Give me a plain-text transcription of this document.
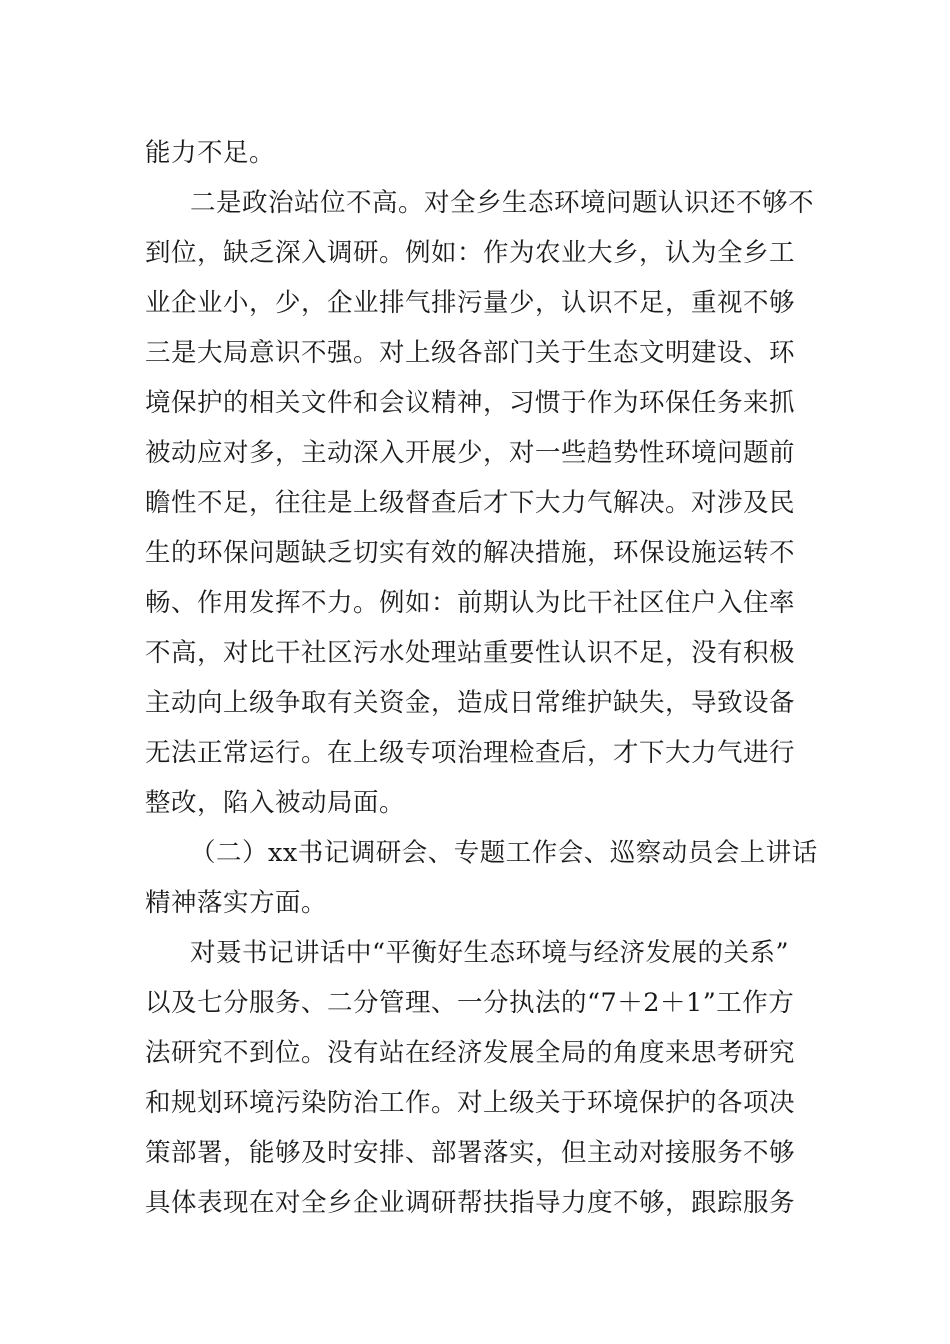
能力不足。
二是政治站位不高。对全乡生态环境问题认识还不够不
到位，缺乏深入调研。例如：作为农业大乡，认为全乡工
业企业小，少，企业排气排污量少，认识不足，重视不够
三是大局意识不强。对上级各部门关于生态文明建设、环
境保护的相关文件和会议精神，习惯于作为环保任务来抓
被动应对多，主动深入开展少，对一些趋势性环境问题前
瞻性不足，往往是上级督查后才下大力气解决。对涉及民
生的环保问题缺乏切实有效的解决措施，环保设施运转不
畅、作用发挥不力。例如：前期认为比干社区住户入住率
不高，对比干社区污水处理站重要性认识不足，没有积极
主动向上级争取有关资金，造成日常维护缺失，导致设备
无法正常运行。在上级专项治理检查后，才下大力气进行
整改，陷入被动局面。
（二）xx书记调研会、专题工作会、巡察动员会上讲话
精神落实方面。
对聂书记讲话中“平衡好生态环境与经济发展的关系”
以及七分服务、二分管理、一分执法的“7＋2＋1”工作方
法研究不到位。没有站在经济发展全局的角度来思考研究
和规划环境污染防治工作。对上级关于环境保护的各项决
策部署，能够及时安排、部署落实，但主动对接服务不够
具体表现在对全乡企业调研帮扶指导力度不够，跟踪服务
